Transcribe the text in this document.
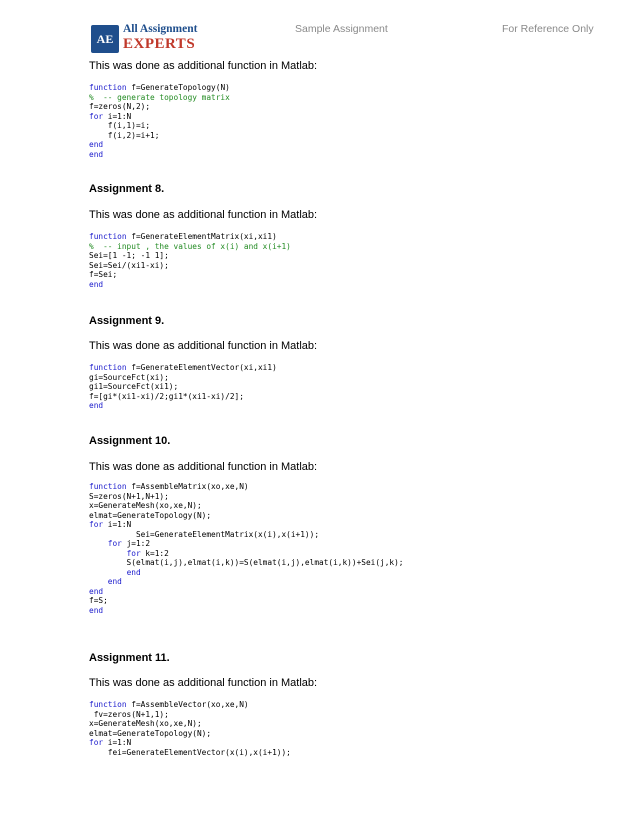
AE
All Assignment
EXPERTS
Sample Assignment	For Reference Only
This was done as additional function in Matlab:
function f=GenerateTopology(N)
%  -- generate topology matrix
f=zeros(N,2);
for i=1:N
f(i,1)=i;
f(i,2)=i+1;
end
end
Assignment 8.
This was done as additional function in Matlab:
function f=GenerateElementMatrix(xi,xi1)
%  -- input , the values of x(i) and x(i+1)
Sei=[1 -1; -1 1];
Sei=Sei/(xi1-xi);
f=Sei;
end
Assignment 9.
This was done as additional function in Matlab:
function f=GenerateElementVector(xi,xi1)
gi=SourceFct(xi);
gi1=SourceFct(xi1);
f=[gi*(xi1-xi)/2;gi1*(xi1-xi)/2];
end
Assignment 10.
This was done as additional function in Matlab:
function f=AssembleMatrix(xo,xe,N)
S=zeros(N+1,N+1);
x=GenerateMesh(xo,xe,N);
elmat=GenerateTopology(N);
for i=1:N
Sei=GenerateElementMatrix(x(i),x(i+1));
for j=1:2
for k=1:2
S(elmat(i,j),elmat(i,k))=S(elmat(i,j),elmat(i,k))+Sei(j,k);
end
end
end
f=S;
end
Assignment 11.
This was done as additional function in Matlab:
function f=AssembleVector(xo,xe,N)
fv=zeros(N+1,1);
x=GenerateMesh(xo,xe,N);
elmat=GenerateTopology(N);
for i=1:N
fei=GenerateElementVector(x(i),x(i+1));
